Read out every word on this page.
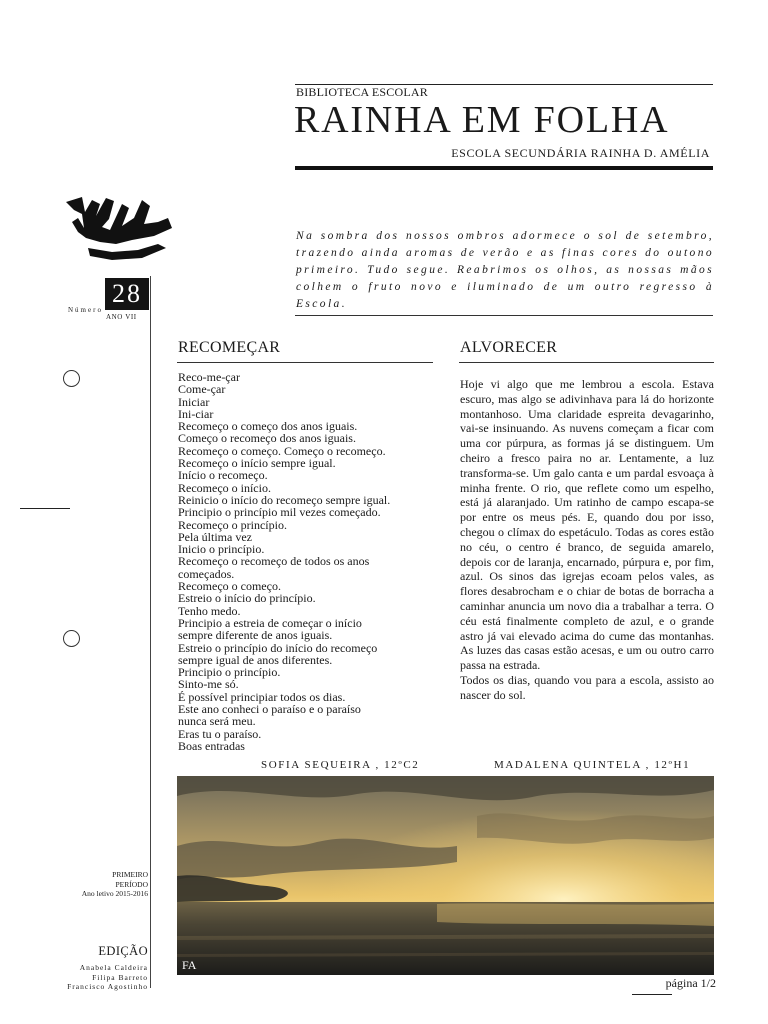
BIBLIOTECA ESCOLAR
RAINHA EM FOLHA
ESCOLA SECUNDÁRIA RAINHA D. AMÉLIA
Número
28
ANO VII
Na sombra dos nossos ombros adormece o sol de setembro, trazendo ainda aromas de verão e as finas cores do outono primeiro. Tudo segue. Reabrimos os olhos, as nossas mãos colhem o fruto novo e iluminado de um outro regresso à Escola.
RECOMEÇAR
Reco-me-çar
Come-çar
Iniciar
Ini-ciar
Recomeço o começo dos anos iguais.
Começo o recomeço dos anos iguais.
Recomeço o começo. Começo o recomeço.
Recomeço o início sempre igual.
Início o recomeço.
Recomeço o início.
Reinicio o início do recomeço sempre igual.
Principio o princípio mil vezes começado.
Recomeço o princípio.
Pela última vez
Inicio o princípio.
Recomeço o recomeço de todos os anos
começados.
Recomeço o começo.
Estreio o início do princípio.
Tenho medo.
Principio a estreia de começar o início
sempre diferente de anos iguais.
Estreio o princípio do início do recomeço
sempre igual de anos diferentes.
Principio o princípio.
Sinto-me só.
É possível principiar todos os dias.
Este ano conheci o paraíso e o paraíso
nunca será meu.
Eras tu o paraíso.
Boas entradas
SOFIA SEQUEIRA , 12ºC2
ALVORECER

Hoje vi algo que me lembrou a escola. Estava escuro, mas algo se adivinhava para lá do horizonte montanhoso. Uma claridade espreita devagarinho, vai-se insinuando. As nuvens começam a ficar com uma cor púrpura, as formas já se distinguem. Um cheiro a fresco paira no ar. Lentamente, a luz transforma-se. Um galo canta e um pardal esvoaça à minha frente. O rio, que reflete como um espelho, está já alaranjado. Um ratinho de campo escapa-se por entre os meus pés. E, quando dou por isso, chegou o clímax do espetáculo. Todas as cores estão no céu, o centro é branco, de seguida amarelo, depois cor de laranja, encarnado, púrpura e, por fim, azul. Os sinos das igrejas ecoam pelos vales, as flores desabrocham e o chiar de botas de borracha a caminhar anuncia um novo dia a trabalhar a terra. O céu está finalmente completo de azul, e o grande astro já vai elevado acima do cume das montanhas. As luzes das casas estão acesas, e um ou outro carro passa na estrada.

Todos os dias, quando vou para a escola, assisto ao nascer do sol.

MADALENA QUINTELA , 12ºH1
FA
PRIMEIRO
PERÍODO
Ano letivo 2015-2016
EDIÇÃO
Anabela Caldeira
Filipa Barreto
Francisco Agostinho	página 1/2
